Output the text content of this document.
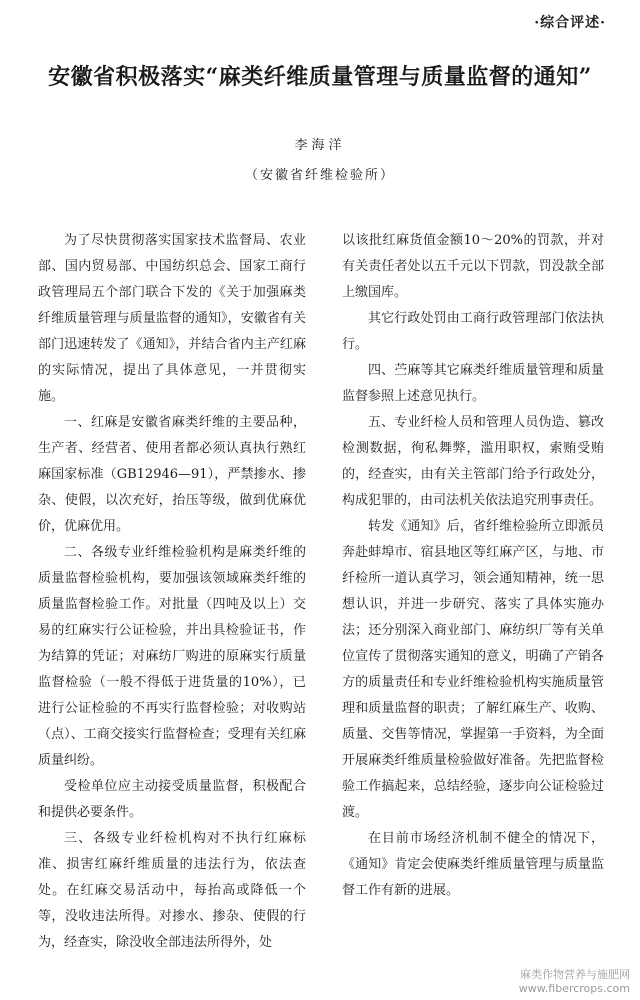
·综合评述·
安徽省积极落实“麻类纤维质量管理与质量监督的通知”
李海洋
（安徽省纤维检验所）

为了尽快贯彻落实国家技术监督局、农业部、国内贸易部、中国纺织总会、国家工商行政管理局五个部门联合下发的《关于加强麻类纤维质量管理与质量监督的通知》，安徽省有关部门迅速转发了《通知》，并结合省内主产红麻的实际情况，提出了具体意见，一并贯彻实施。

一、红麻是安徽省麻类纤维的主要品种，生产者、经营者、使用者都必须认真执行熟红麻国家标准（GB12946—91），严禁掺水、掺杂、使假，以次充好，抬压等级，做到优麻优价，优麻优用。

二、各级专业纤维检验机构是麻类纤维的质量监督检验机构，要加强该领域麻类纤维的质量监督检验工作。对批量（四吨及以上）交易的红麻实行公证检验，并出具检验证书，作为结算的凭证；对麻纺厂购进的原麻实行质量监督检验（一般不得低于进货量的10%），已进行公证检验的不再实行监督检验；对收购站（点）、工商交接实行监督检查；受理有关红麻质量纠纷。

受检单位应主动接受质量监督，积极配合和提供必要条件。

三、各级专业纤检机构对不执行红麻标准、损害红麻纤维质量的违法行为，依法查处。在红麻交易活动中，每抬高或降低一个等，没收违法所得。对掺水、掺杂、使假的行为，经查实，除没收全部违法所得外，处

以该批红麻货值金额10～20%的罚款，并对有关责任者处以五千元以下罚款，罚没款全部上缴国库。

其它行政处罚由工商行政管理部门依法执行。

四、苎麻等其它麻类纤维质量管理和质量监督参照上述意见执行。

五、专业纤检人员和管理人员伪造、篡改检测数据，徇私舞弊，滥用职权，索贿受贿的，经查实，由有关主管部门给予行政处分，构成犯罪的，由司法机关依法追究刑事责任。

转发《通知》后，省纤维检验所立即派员奔赴蚌埠市、宿县地区等红麻产区，与地、市纤检所一道认真学习，领会通知精神，统一思想认识，并进一步研究、落实了具体实施办法；还分别深入商业部门、麻纺织厂等有关单位宣传了贯彻落实通知的意义，明确了产销各方的质量责任和专业纤维检验机构实施质量管理和质量监督的职责；了解红麻生产、收购、质量、交售等情况，掌握第一手资料，为全面开展麻类纤维质量检验做好准备。先把监督检验工作搞起来，总结经验，逐步向公证检验过渡。

在目前市场经济机制不健全的情况下，《通知》肯定会使麻类纤维质量管理与质量监督工作有新的进展。

麻类作物营养与施肥网
www.fibercrops.com
